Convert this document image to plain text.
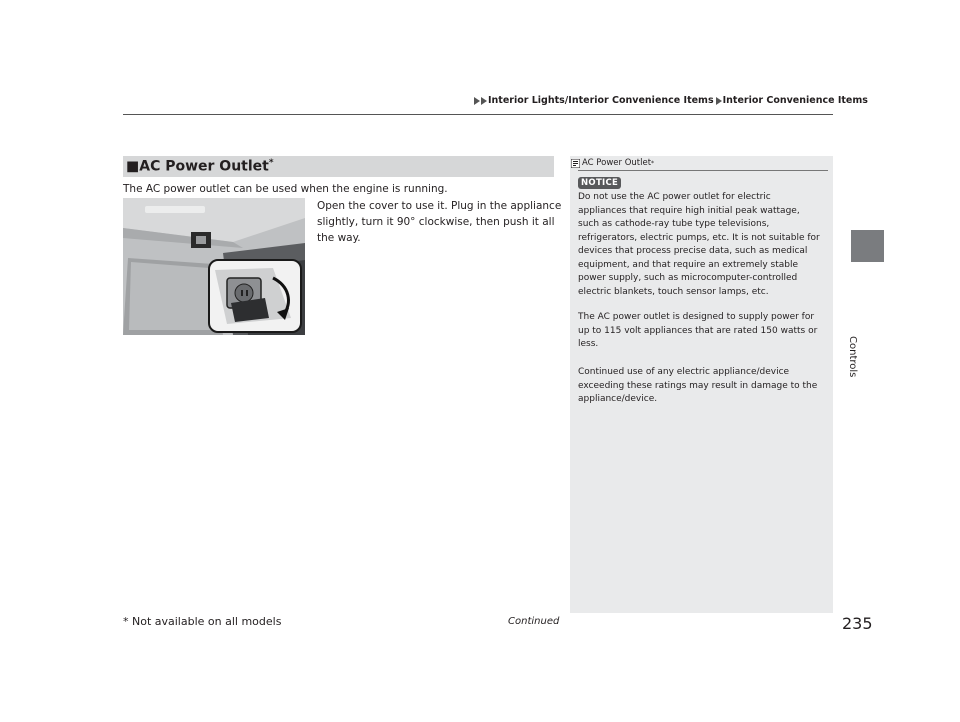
Interior Lights/Interior Convenience Items Interior Convenience Items
Controls
■AC Power Outlet*
The AC power outlet can be used when the engine is running.
Open the cover to use it. Plug in the appliance
slightly, turn it 90° clockwise, then push it all
the way.
AC Power Outlet *
NOTICE
Do not use the AC power outlet for electric
appliances that require high initial peak wattage,
such as cathode-ray tube type televisions,
refrigerators, electric pumps, etc. It is not suitable for
devices that process precise data, such as medical
equipment, and that require an extremely stable
power supply, such as microcomputer-controlled
electric blankets, touch sensor lamps, etc.
The AC power outlet is designed to supply power for
up to 115 volt appliances that are rated 150 watts or
less.
Continued use of any electric appliance/device
exceeding these ratings may result in damage to the
appliance/device.
* Not available on all models	Continued	235
